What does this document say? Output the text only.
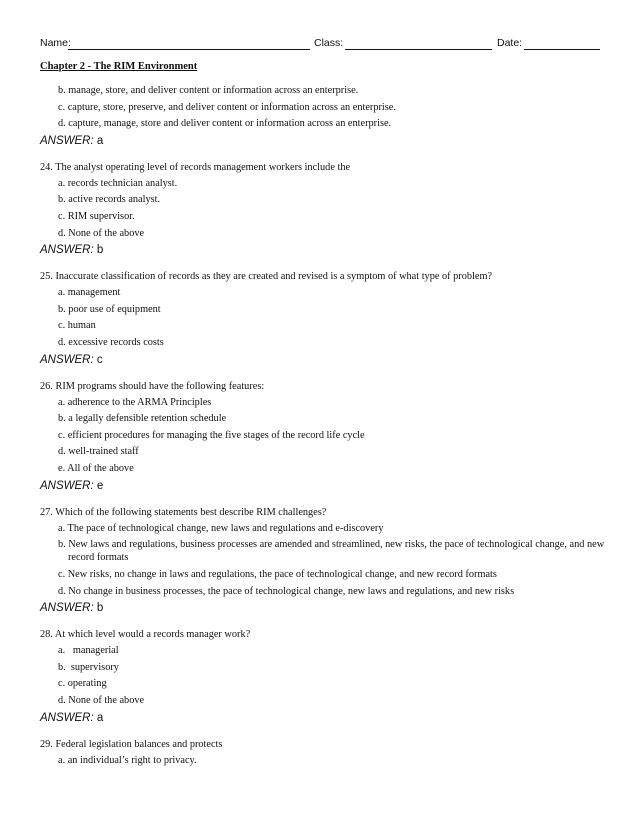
Name:	Class:	Date:
Chapter 2 - The RIM Environment
b. manage, store, and deliver content or information across an enterprise.
c. capture, store, preserve, and deliver content or information across an enterprise.
d. capture, manage, store and deliver content or information across an enterprise.
ANSWER: a
24. The analyst operating level of records management workers include the
a. records technician analyst.
b. active records analyst.
c. RIM supervisor.
d. None of the above
ANSWER: b
25. Inaccurate classification of records as they are created and revised is a symptom of what type of problem?
a. management
b. poor use of equipment
c. human
d. excessive records costs
ANSWER: c
26. RIM programs should have the following features:
a. adherence to the ARMA Principles
b. a legally defensible retention schedule
c. efficient procedures for managing the five stages of the record life cycle
d. well-trained staff
e. All of the above
ANSWER: e
27. Which of the following statements best describe RIM challenges?
a. The pace of technological change, new laws and regulations and e-discovery
b. New laws and regulations, business processes are amended and streamlined, new risks, the pace of technological change, and new record formats
c. New risks, no change in laws and regulations, the pace of technological change, and new record formats
d. No change in business processes, the pace of technological change, new laws and regulations, and new risks
ANSWER: b
28. At which level would a records manager work?
a.   managerial
b.  supervisory
c. operating
d. None of the above
ANSWER: a
29. Federal legislation balances and protects
a. an individual’s right to privacy.
